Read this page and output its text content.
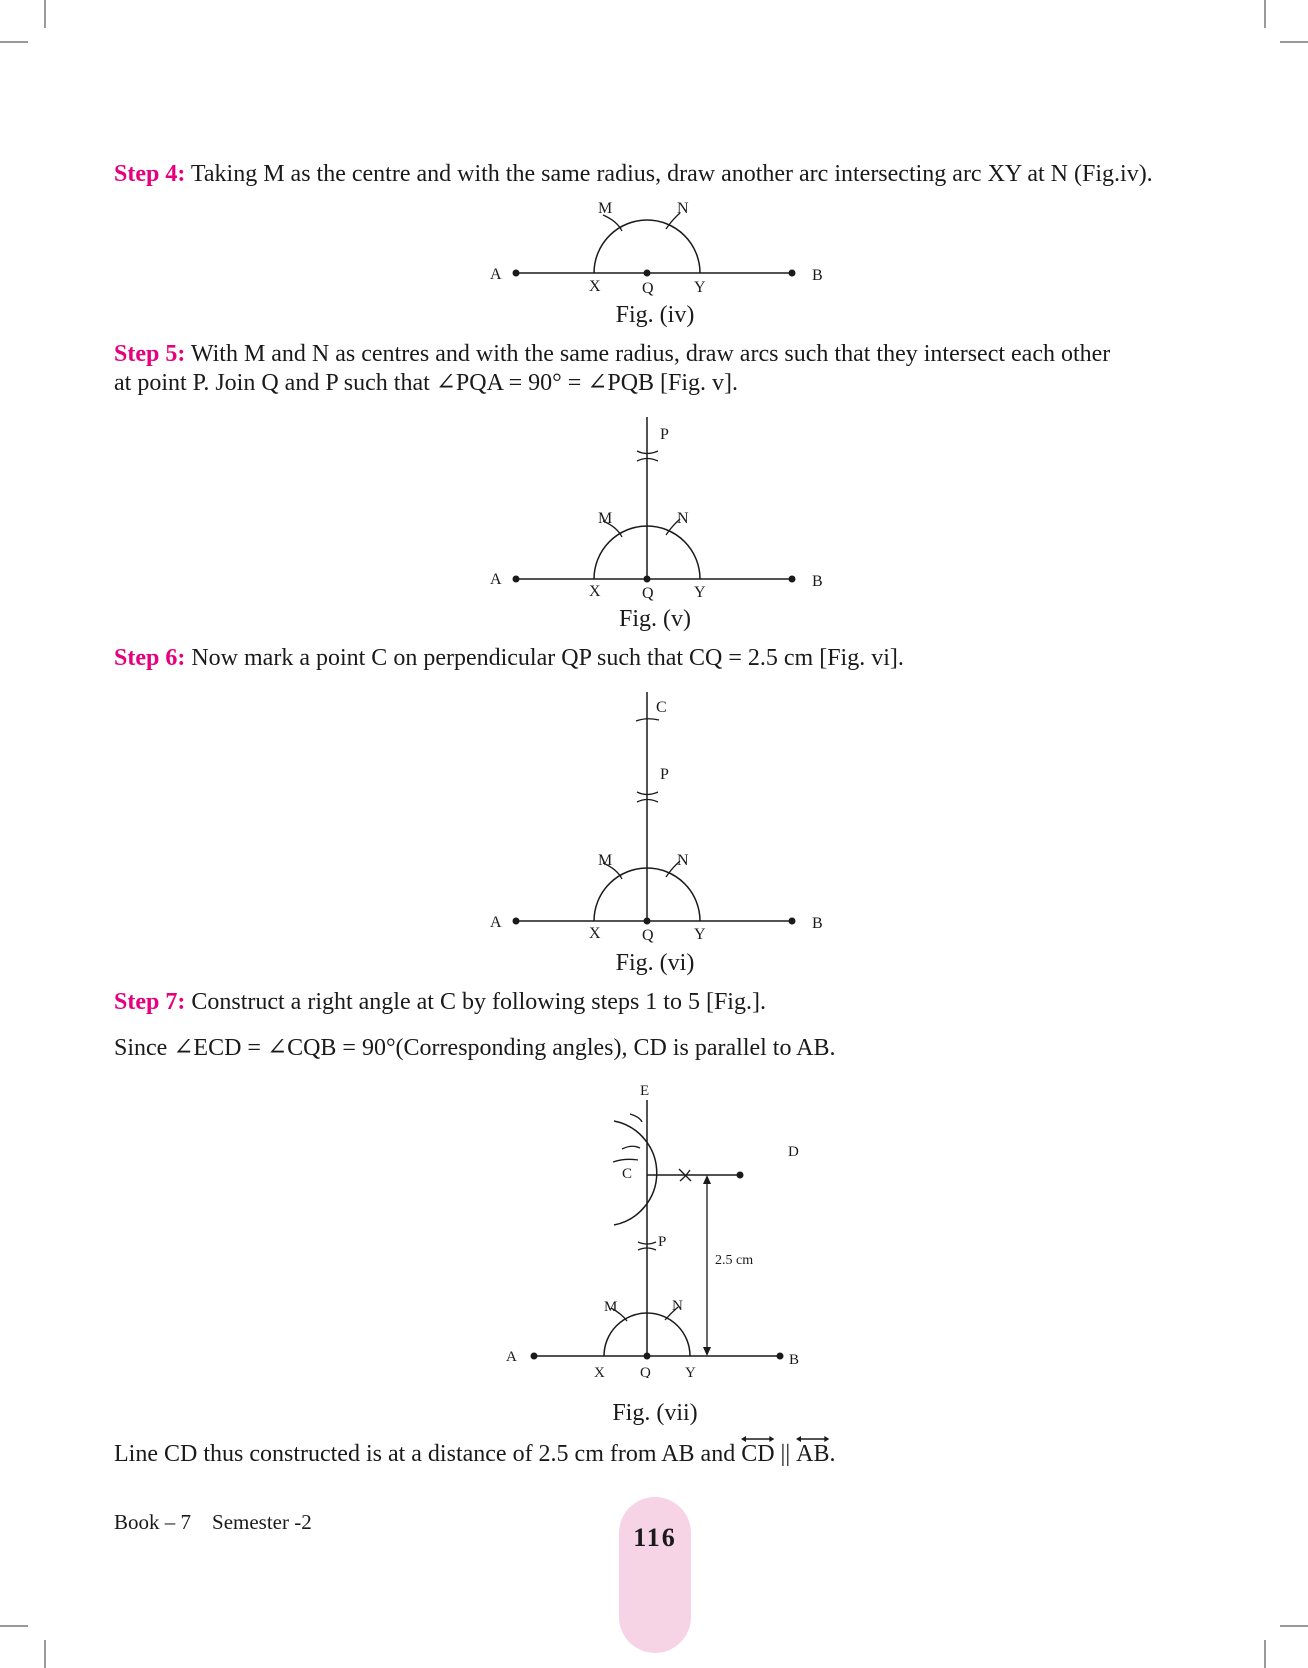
Step 4: Taking M as the centre and with the same radius, draw another arc intersecting arc XY at N (Fig.iv).

A	B
X	Q	Y
M	N
Fig. (iv)

Step 5: With M and N as centres and with the same radius, draw arcs such that they intersect each other
at point P. Join Q and P such that ∠PQA = 90° = ∠PQB [Fig. v].

A	B
X	Q	Y
M	N
P
Fig. (v)

Step 6: Now mark a point C on perpendicular QP such that CQ = 2.5 cm [Fig. vi].

A	B
X	Q	Y
M	N
P
C
Fig. (vi)

Step 7: Construct a right angle at C by following steps 1 to 5 [Fig.].

Since ∠ECD = ∠CQB = 90°(Corresponding angles), CD is parallel to AB.

E
C
D
P
2.5 cm
M	N
A	B
X Q Y
Fig. (vii)

Line CD thus constructed is at a distance of 2.5 cm from AB and
CD ||
AB.

Book – 7 Semester -2
116
